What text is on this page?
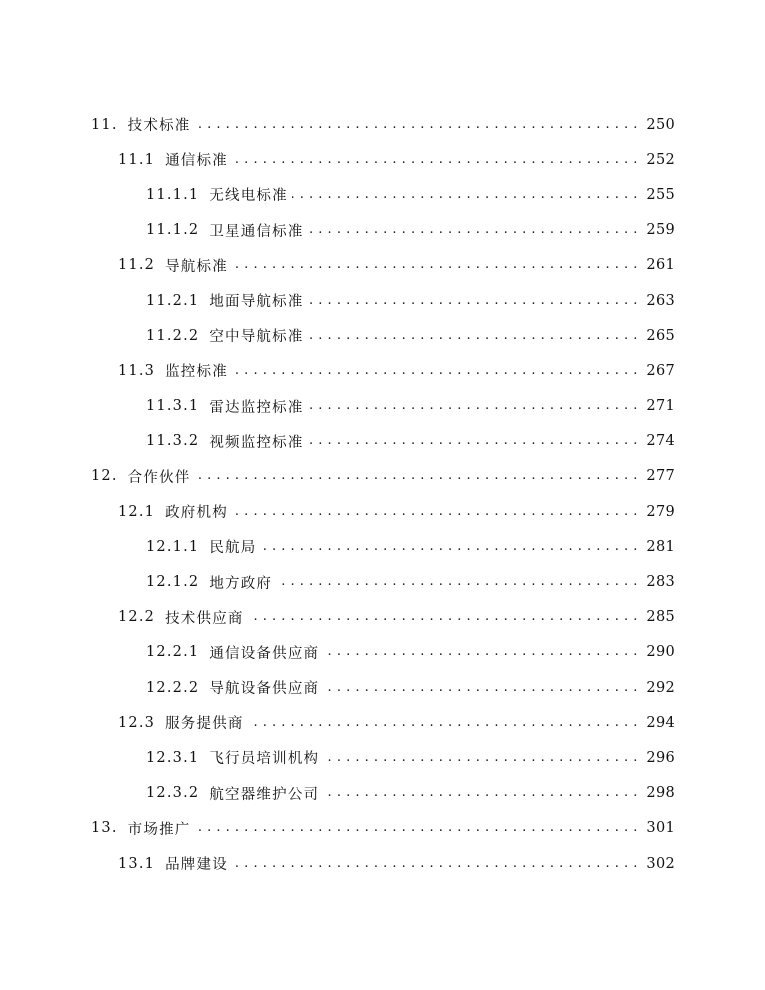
11. 技术标准 . . .	250
11.1 通信标准 . . .	252
11.1.1 无线电标准 . . .	255
11.1.2 卫星通信标准 . . .	259
11.2 导航标准 . . .	261
11.2.1 地面导航标准 . . .	263
11.2.2 空中导航标准 . . .	265
11.3 监控标准 . . .	267
11.3.1 雷达监控标准 . . .	271
11.3.2 视频监控标准 . . .	274
12. 合作伙伴 . . .	277
12.1 政府机构 . . .	279
12.1.1 民航局 . . .	281
12.1.2 地方政府 . . .	283
12.2 技术供应商 . . .	285
12.2.1 通信设备供应商 . . .	290
12.2.2 导航设备供应商 . . .	292
12.3 服务提供商 . . .	294
12.3.1 飞行员培训机构 . . .	296
12.3.2 航空器维护公司 . . .	298
13. 市场推广 . . .	301
13.1 品牌建设 . . .	302
